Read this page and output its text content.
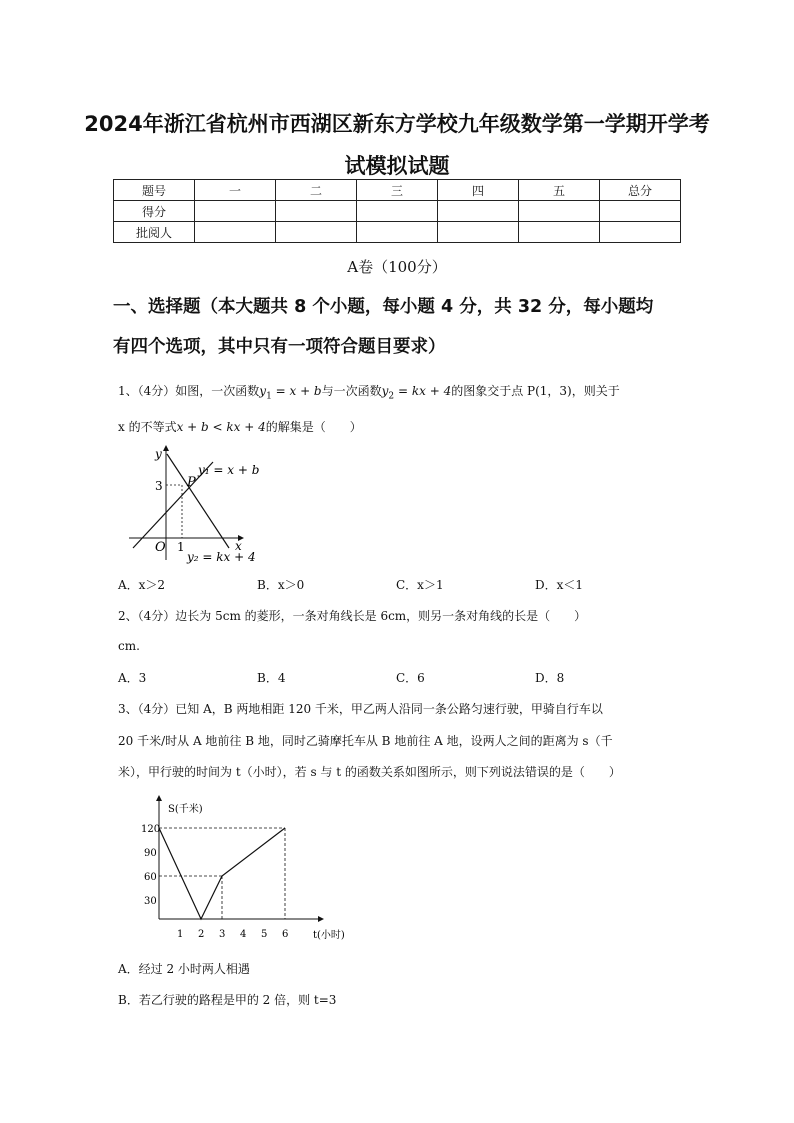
2024年浙江省杭州市西湖区新东方学校九年级数学第一学期开学考
试模拟试题
题号	一	二	三	四	五	总分
得分						
批阅人						
A卷（100分）
一、选择题（本大题共 8 个小题，每小题 4 分，共 32 分，每小题均
有四个选项，其中只有一项符合题目要求）
1、（4分）如图，一次函数$y_1 = x + b$与一次函数$y_2$ = kx + 4的图象交于点 P(1，3)，则关于
x 的不等式x + b < kx + 4的解集是（　　）
y
x
O 1
3 P
y₁ = x + b
y₂ = kx + 4
A．x＞2	B．x＞0	C．x＞1	D．x＜1
2、（4分）边长为 5cm 的菱形，一条对角线长是 6cm，则另一条对角线的长是（　　）
cm.
A．3	B．4	C．6	D．8
3、（4分）已知 A，B 两地相距 120 千米，甲乙两人沿同一条公路匀速行驶，甲骑自行车以
20 千米/时从 A 地前往 B 地，同时乙骑摩托车从 B 地前往 A 地，设两人之间的距离为 s（千
米），甲行驶的时间为 t（小时），若 s 与 t 的函数关系如图所示，则下列说法错误的是（　　）
120
90
60
30
1 2 3 4 5 6
S(千米)
t(小时)
A．经过 2 小时两人相遇
B．若乙行驶的路程是甲的 2 倍，则 t=3
